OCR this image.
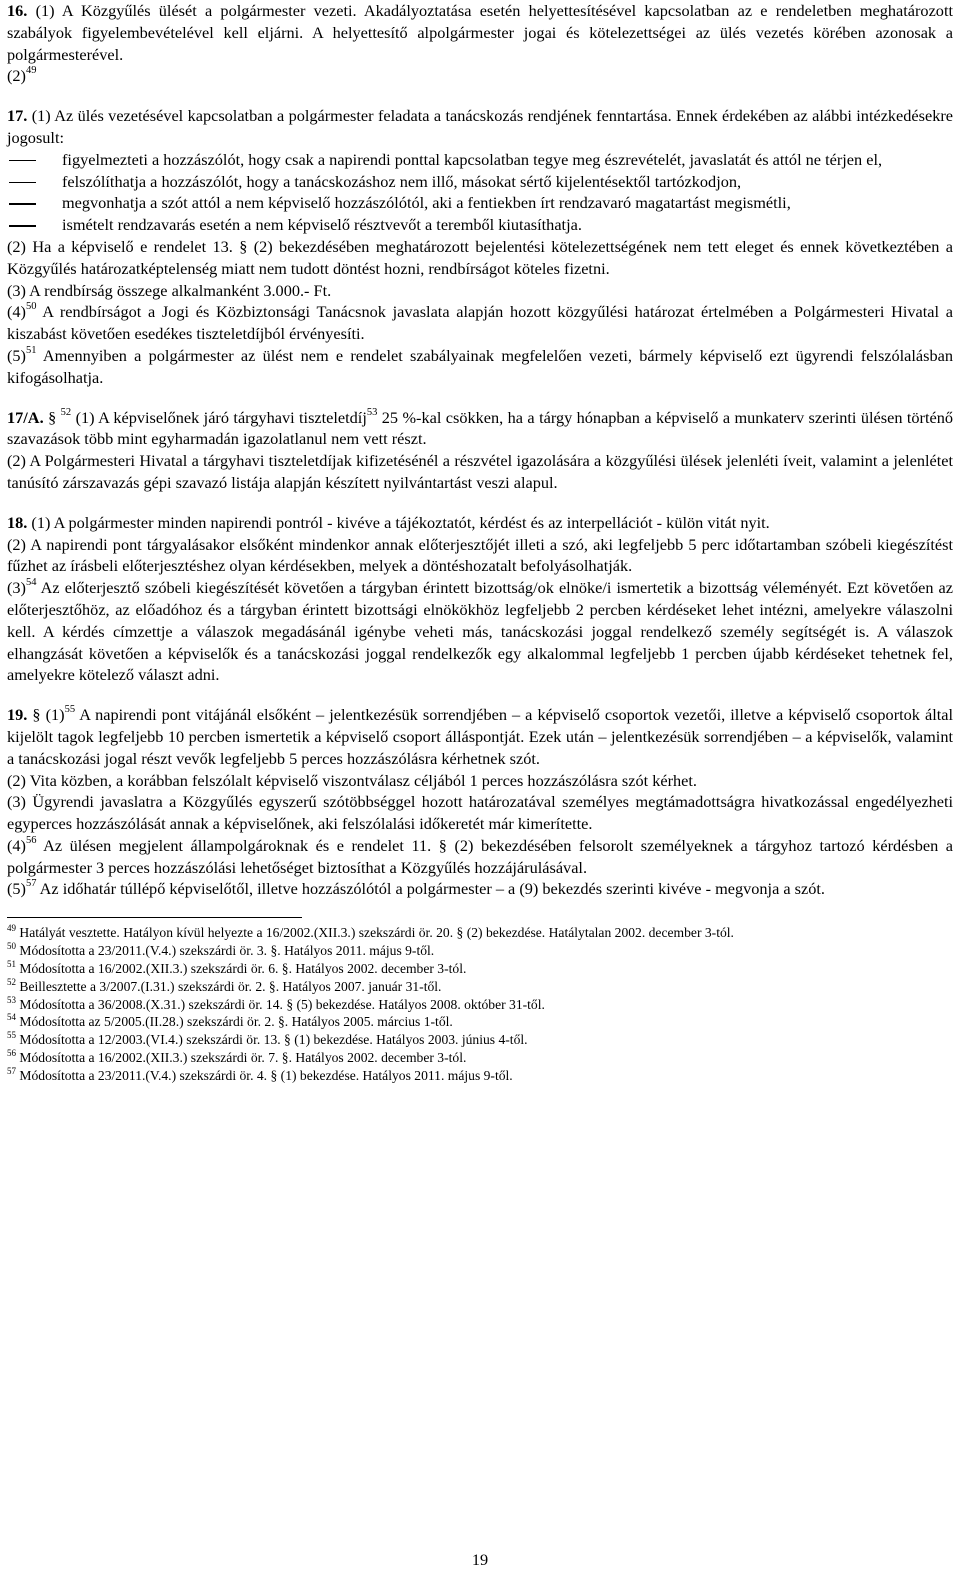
16. (1) A Közgyűlés ülését a polgármester vezeti. Akadályoztatása esetén helyettesítésével kapcsolatban az e rendeletben meghatározott szabályok figyelembevételével kell eljárni. A helyettesítő alpolgármester jogai és kötelezettségei az ülés vezetés körében azonosak a polgármesterével.

(2)$^{49}$

17. (1) Az ülés vezetésével kapcsolatban a polgármester feladata a tanácskozás rendjének fenntartása. Ennek érdekében az alábbi intézkedésekre jogosult:

figyelmezteti a hozzászólót, hogy csak a napirendi ponttal kapcsolatban tegye meg észrevételét, javaslatát és attól ne térjen el,

felszólíthatja a hozzászólót, hogy a tanácskozáshoz nem illő, másokat sértő kijelentésektől tartózkodjon,

megvonhatja a szót attól a nem képviselő hozzászólótól, aki a fentiekben írt rendzavaró magatartást megismétli,

ismételt rendzavarás esetén a nem képviselő résztvevőt a teremből kiutasíthatja.

(2) Ha a képviselő e rendelet 13. § (2) bekezdésében meghatározott bejelentési kötelezettségének nem tett eleget és ennek következtében a Közgyűlés határozatképtelenség miatt nem tudott döntést hozni, rendbírságot köteles fizetni.

(3) A rendbírság összege alkalmanként 3.000.- Ft.

(4)$^{50}$ A rendbírságot a Jogi és Közbiztonsági Tanácsnok javaslata alapján hozott közgyűlési határozat értelmében a Polgármesteri Hivatal a kiszabást követően esedékes tiszteletdíjból érvényesíti.

(5)$^{51}$ Amennyiben a polgármester az ülést nem e rendelet szabályainak megfelelően vezeti, bármely képviselő ezt ügyrendi felszólalásban kifogásolhatja.

17/A. § $^{52}$ (1) A képviselőnek járó tárgyhavi tiszteletdíj$^{53}$ 25 %-kal csökken, ha a tárgy hónapban a képviselő a munkaterv szerinti ülésen történő szavazások több mint egyharmadán igazolatlanul nem vett részt.

(2) A Polgármesteri Hivatal a tárgyhavi tiszteletdíjak kifizetésénél a részvétel igazolására a közgyűlési ülések jelenléti íveit, valamint a jelenlétet tanúsító zárszavazás gépi szavazó listája alapján készített nyilvántartást veszi alapul.

18. (1) A polgármester minden napirendi pontról - kivéve a tájékoztatót, kérdést és az interpellációt - külön vitát nyit.

(2) A napirendi pont tárgyalásakor elsőként mindenkor annak előterjesztőjét illeti a szó, aki legfeljebb 5 perc időtartamban szóbeli kiegészítést fűzhet az írásbeli előterjesztéshez olyan kérdésekben, melyek a döntéshozatalt befolyásolhatják.

(3)$^{54}$ Az előterjesztő szóbeli kiegészítését követően a tárgyban érintett bizottság/ok elnöke/i ismertetik a bizottság véleményét. Ezt követően az előterjesztőhöz, az előadóhoz és a tárgyban érintett bizottsági elnökökhöz legfeljebb 2 percben kérdéseket lehet intézni, amelyekre válaszolni kell. A kérdés címzettje a válaszok megadásánál igénybe veheti más, tanácskozási joggal rendelkező személy segítségét is. A válaszok elhangzását követően a képviselők és a tanácskozási joggal rendelkezők egy alkalommal legfeljebb 1 percben újabb kérdéseket tehetnek fel, amelyekre kötelező választ adni.

19. § (1)$^{55}$ A napirendi pont vitájánál elsőként – jelentkezésük sorrendjében – a képviselő csoportok vezetői, illetve a képviselő csoportok által kijelölt tagok legfeljebb 10 percben ismertetik a képviselő csoport álláspontját. Ezek után – jelentkezésük sorrendjében – a képviselők, valamint a tanácskozási jogal részt vevők legfeljebb 5 perces hozzászólásra kérhetnek szót.

(2) Vita közben, a korábban felszólalt képviselő viszontválasz céljából 1 perces hozzászólásra szót kérhet.

(3) Ügyrendi javaslatra a Közgyűlés egyszerű szótöbbséggel hozott határozatával személyes megtámadottságra hivatkozással engedélyezheti egyperces hozzászólását annak a képviselőnek, aki felszólalási időkeretét már kimerítette.

(4)$^{56}$ Az ülésen megjelent állampolgároknak és e rendelet 11. § (2) bekezdésében felsorolt személyeknek a tárgyhoz tartozó kérdésben a polgármester 3 perces hozzászólási lehetőséget biztosíthat a Közgyűlés hozzájárulásával.

(5)$^{57}$ Az időhatár túllépő képviselőtől, illetve hozzászólótól a polgármester – a (9) bekezdés szerinti kivéve - megvonja a szót.

$^{49}$ Hatályát vesztette. Hatályon kívül helyezte a 16/2002.(XII.3.) szekszárdi ör. 20. § (2) bekezdése. Hatálytalan 2002. december 3-tól.

$^{50}$ Módosította a 23/2011.(V.4.) szekszárdi ör. 3. §. Hatályos 2011. május 9-től.

$^{51}$ Módosította a 16/2002.(XII.3.) szekszárdi ör. 6. §. Hatályos 2002. december 3-tól.

$^{52}$ Beillesztette a 3/2007.(I.31.) szekszárdi ör. 2. §. Hatályos 2007. január 31-től.

$^{53}$ Módosította a 36/2008.(X.31.) szekszárdi ör. 14. § (5) bekezdése. Hatályos 2008. október 31-től.

$^{54}$ Módosította az 5/2005.(II.28.) szekszárdi ör. 2. §. Hatályos 2005. március 1-től.

$^{55}$ Módosította a 12/2003.(VI.4.) szekszárdi ör. 13. § (1) bekezdése. Hatályos 2003. június 4-től.

$^{56}$ Módosította a 16/2002.(XII.3.) szekszárdi ör. 7. §. Hatályos 2002. december 3-tól.

$^{57}$ Módosította a 23/2011.(V.4.) szekszárdi ör. 4. § (1) bekezdése. Hatályos 2011. május 9-től.

19
